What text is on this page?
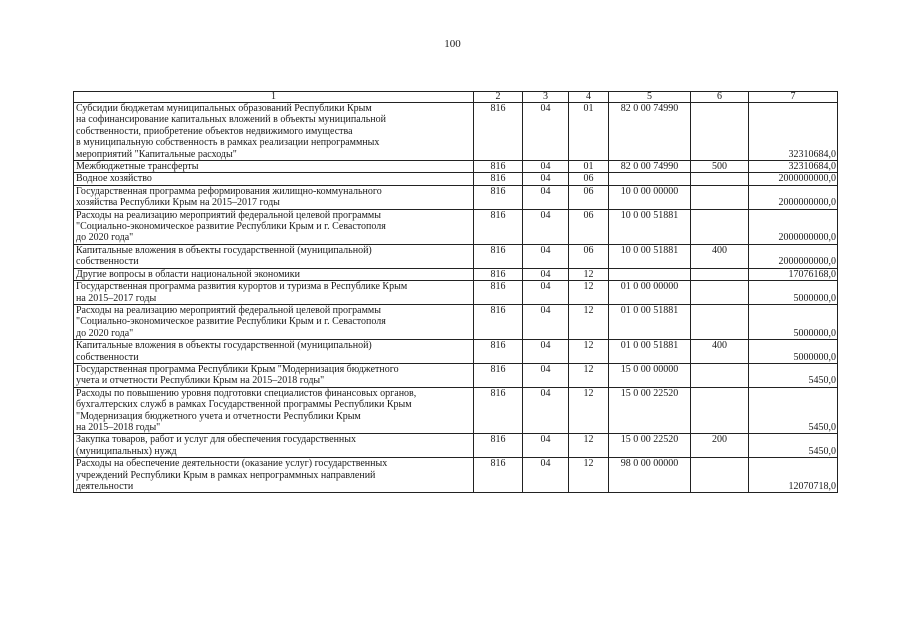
100
1	2	3	4	5	6	7

Субсидии бюджетам муниципальных образований Республики Крым
на софинансирование капитальных вложений в объекты муниципальной
собственности, приобретение объектов недвижимого имущества
в муниципальную собственность в рамках реализации непрограммных
мероприятий "Капитальные расходы"	816	04	01	82 0 00 74990		32310684,0

Межбюджетные трансферты	816	04	01	82 0 00 74990	500	32310684,0

Водное хозяйство	816	04	06			2000000000,0

Государственная программа реформирования жилищно-коммунального
хозяйства Республики Крым на 2015–2017 годы	816	04	06	10 0 00 00000		2000000000,0

Расходы на реализацию мероприятий федеральной целевой программы
"Социально-экономическое развитие Республики Крым и г. Севастополя
до 2020 года"	816	04	06	10 0 00 51881		2000000000,0

Капитальные вложения в объекты государственной (муниципальной)
собственности	816	04	06	10 0 00 51881	400	2000000000,0

Другие вопросы в области национальной экономики	816	04	12			17076168,0

Государственная программа развития курортов и туризма в Республике Крым
на 2015–2017 годы	816	04	12	01 0 00 00000		5000000,0

Расходы на реализацию мероприятий федеральной целевой программы
"Социально-экономическое развитие Республики Крым и г. Севастополя
до 2020 года"	816	04	12	01 0 00 51881		5000000,0

Капитальные вложения в объекты государственной (муниципальной)
собственности	816	04	12	01 0 00 51881	400	5000000,0

Государственная программа Республики Крым "Модернизация бюджетного
учета и отчетности Республики Крым на 2015–2018 годы"	816	04	12	15 0 00 00000		5450,0

Расходы по повышению уровня подготовки специалистов финансовых органов,
бухгалтерских служб в рамках Государственной программы Республики Крым
"Модернизация бюджетного учета и отчетности Республики Крым
на 2015–2018 годы"	816	04	12	15 0 00 22520		5450,0

Закупка товаров, работ и услуг для обеспечения государственных
(муниципальных) нужд	816	04	12	15 0 00 22520	200	5450,0

Расходы на обеспечение деятельности (оказание услуг) государственных
учреждений Республики Крым в рамках непрограммных направлений
деятельности	816	04	12	98 0 00 00000		12070718,0
